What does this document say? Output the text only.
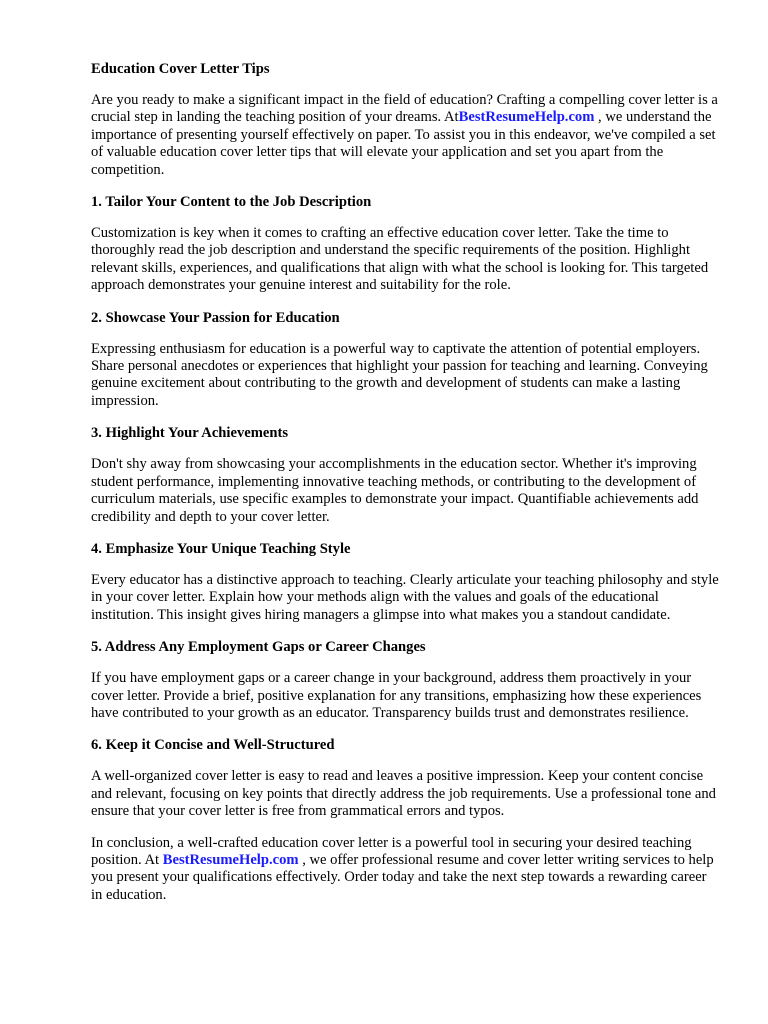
Education Cover Letter Tips

Are you ready to make a significant impact in the field of education? Crafting a compelling cover letter is a crucial step in landing the teaching position of your dreams. AtBestResumeHelp.com , we understand the importance of presenting yourself effectively on paper. To assist you in this endeavor, we've compiled a set of valuable education cover letter tips that will elevate your application and set you apart from the competition.

1. Tailor Your Content to the Job Description

Customization is key when it comes to crafting an effective education cover letter. Take the time to thoroughly read the job description and understand the specific requirements of the position. Highlight relevant skills, experiences, and qualifications that align with what the school is looking for. This targeted approach demonstrates your genuine interest and suitability for the role.

2. Showcase Your Passion for Education

Expressing enthusiasm for education is a powerful way to captivate the attention of potential employers. Share personal anecdotes or experiences that highlight your passion for teaching and learning. Conveying genuine excitement about contributing to the growth and development of students can make a lasting impression.

3. Highlight Your Achievements

Don't shy away from showcasing your accomplishments in the education sector. Whether it's improving student performance, implementing innovative teaching methods, or contributing to the development of curriculum materials, use specific examples to demonstrate your impact. Quantifiable achievements add credibility and depth to your cover letter.

4. Emphasize Your Unique Teaching Style

Every educator has a distinctive approach to teaching. Clearly articulate your teaching philosophy and style in your cover letter. Explain how your methods align with the values and goals of the educational institution. This insight gives hiring managers a glimpse into what makes you a standout candidate.

5. Address Any Employment Gaps or Career Changes

If you have employment gaps or a career change in your background, address them proactively in your cover letter. Provide a brief, positive explanation for any transitions, emphasizing how these experiences have contributed to your growth as an educator. Transparency builds trust and demonstrates resilience.

6. Keep it Concise and Well-Structured

A well-organized cover letter is easy to read and leaves a positive impression. Keep your content concise and relevant, focusing on key points that directly address the job requirements. Use a professional tone and ensure that your cover letter is free from grammatical errors and typos.

In conclusion, a well-crafted education cover letter is a powerful tool in securing your desired teaching position. At BestResumeHelp.com , we offer professional resume and cover letter writing services to help you present your qualifications effectively. Order today and take the next step towards a rewarding career in education.
